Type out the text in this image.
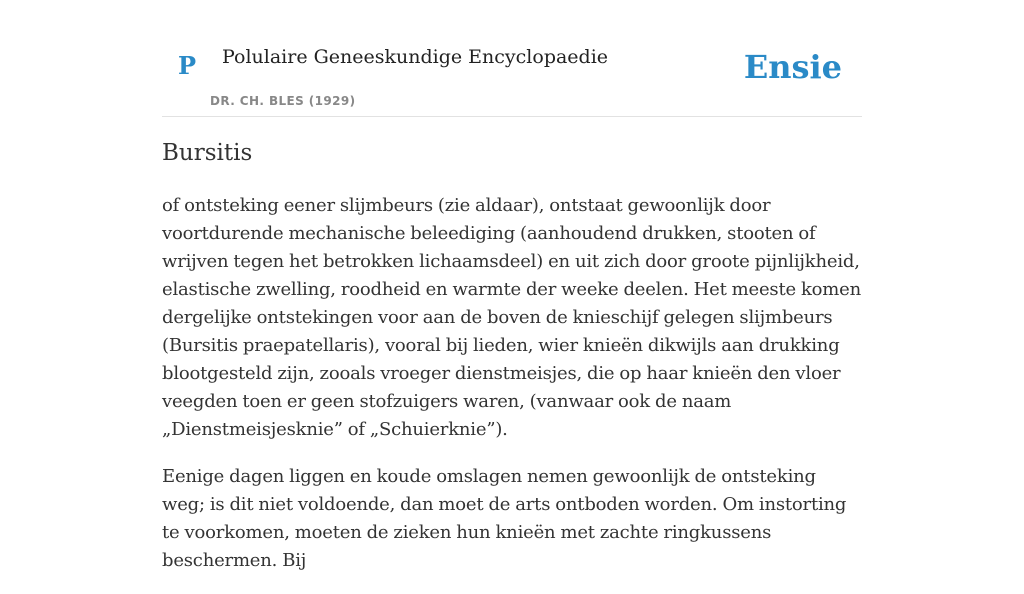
P Polulaire Geneeskundige Encyclopaedie
DR. CH. BLES (1929)
Ensie
Bursitis

of ontsteking eener slijmbeurs (zie aldaar), ontstaat gewoonlijk door voortdurende mechanische beleediging (aanhoudend drukken, stooten of wrijven tegen het betrokken lichaamsdeel) en uit zich door groote pijnlijkheid, elastische zwelling, roodheid en warmte der weeke deelen. Het meeste komen dergelijke ontstekingen voor aan de boven de knieschijf gelegen slijmbeurs (Bursitis praepatellaris), vooral bij lieden, wier knieën dikwijls aan drukking blootgesteld zijn, zooals vroeger dienstmeisjes, die op haar knieën den vloer veegden toen er geen stofzuigers waren, (vanwaar ook de naam „Dienstmeisjesknie” of „Schuierknie”).

Eenige dagen liggen en koude omslagen nemen gewoonlijk de ontsteking weg; is dit niet voldoende, dan moet de arts ontboden worden. Om instorting te voorkomen, moeten de zieken hun knieën met zachte ringkussens beschermen. Bij
